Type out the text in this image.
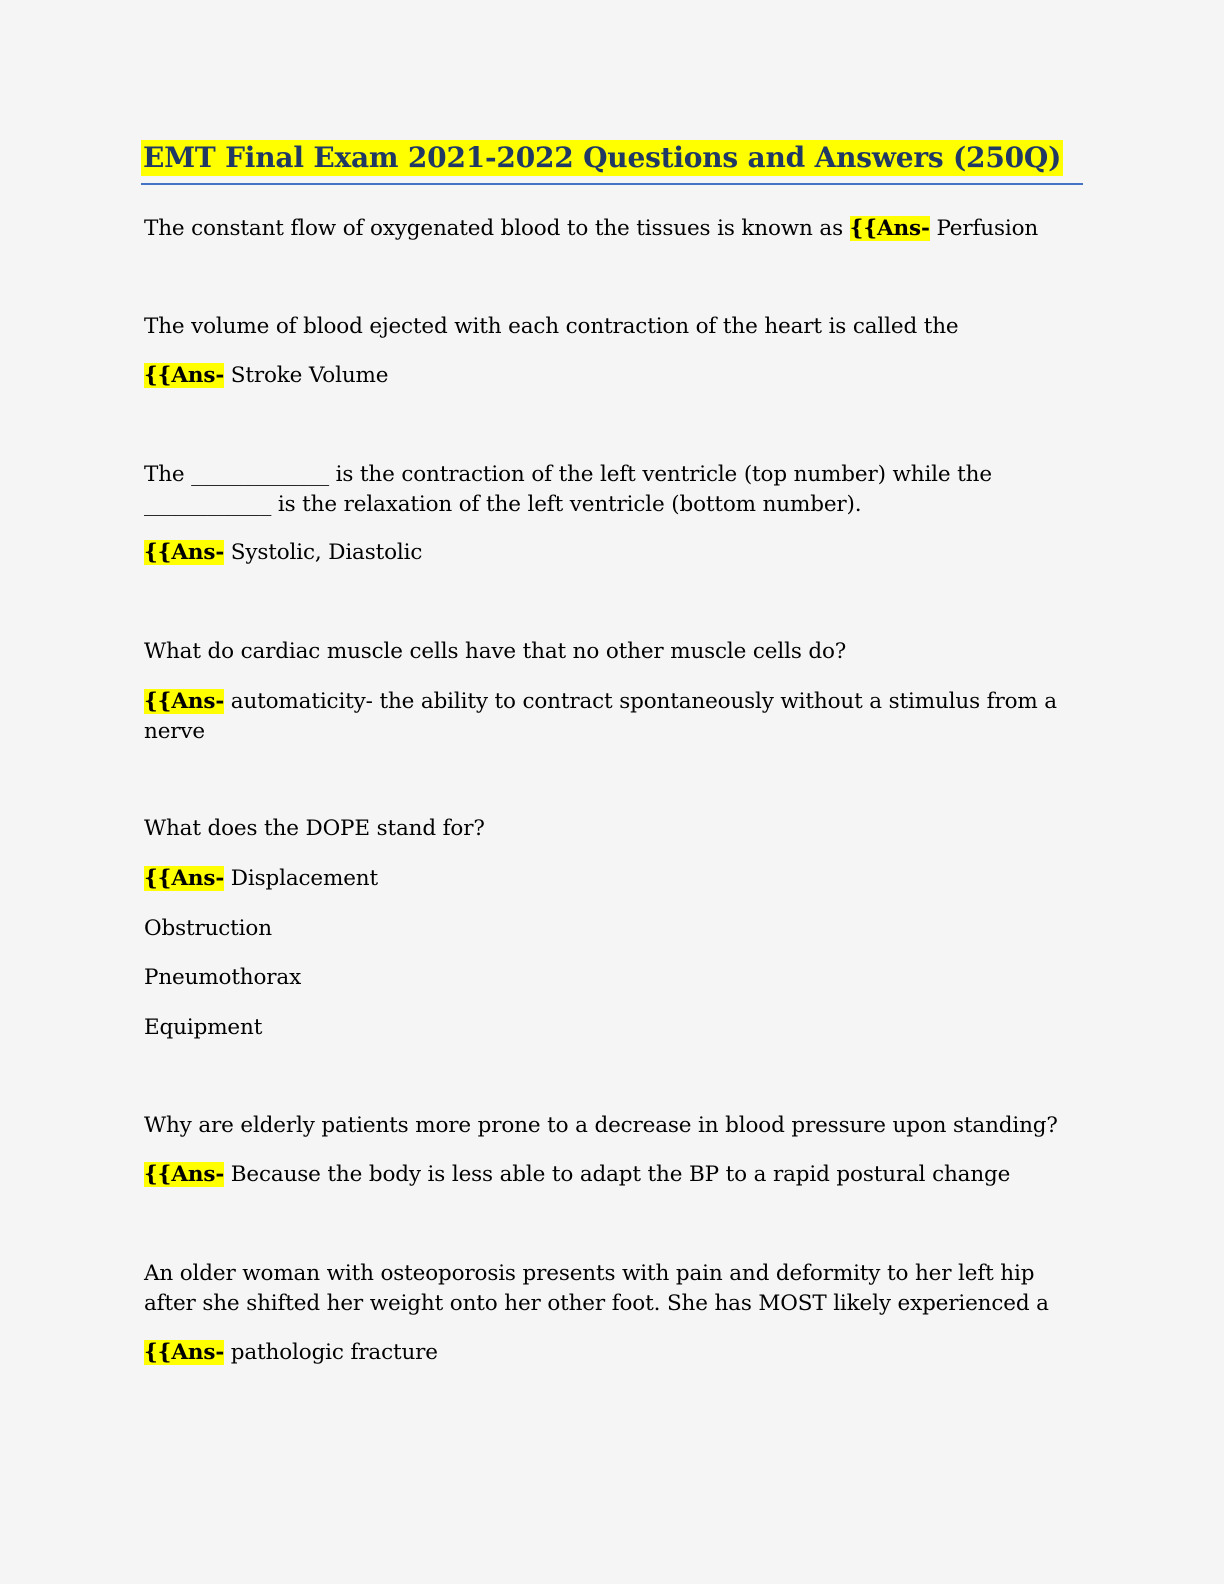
EMT Final Exam 2021-2022 Questions and Answers (250Q)
The constant flow of oxygenated blood to the tissues is known as {{Ans- Perfusion
The volume of blood ejected with each contraction of the heart is called the
{{Ans- Stroke Volume
The _____________ is the contraction of the left ventricle (top number) while the
____________ is the relaxation of the left ventricle (bottom number).
{{Ans- Systolic, Diastolic
What do cardiac muscle cells have that no other muscle cells do?
{{Ans- automaticity- the ability to contract spontaneously without a stimulus from a
nerve
What does the DOPE stand for?
{{Ans- Displacement
Obstruction
Pneumothorax
Equipment
Why are elderly patients more prone to a decrease in blood pressure upon standing?
{{Ans- Because the body is less able to adapt the BP to a rapid postural change
An older woman with osteoporosis presents with pain and deformity to her left hip
after she shifted her weight onto her other foot. She has MOST likely experienced a
{{Ans- pathologic fracture
